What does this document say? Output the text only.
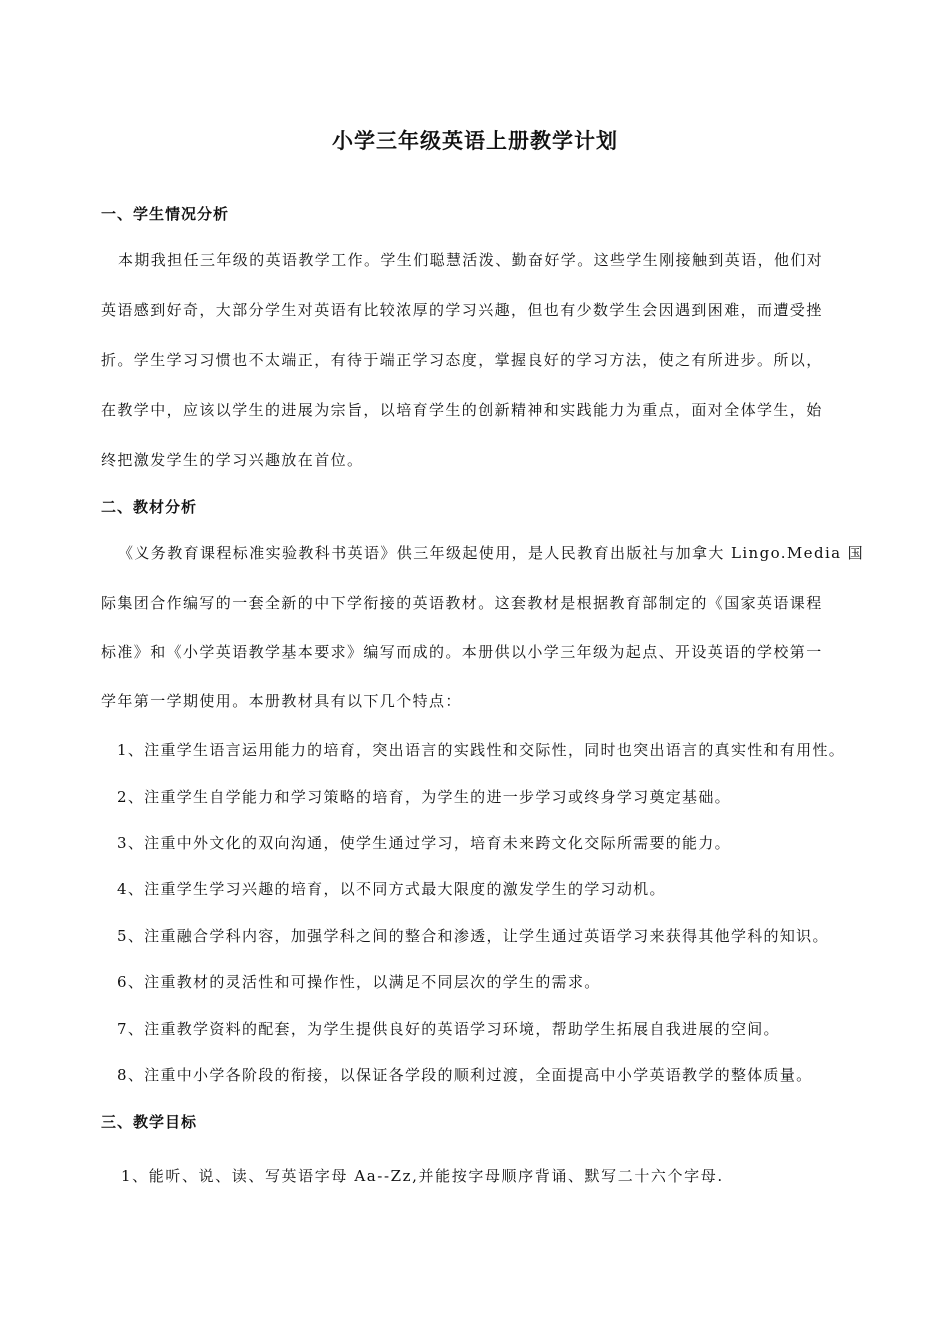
小学三年级英语上册教学计划
一、学生情况分析
本期我担任三年级的英语教学工作。学生们聪慧活泼、勤奋好学。这些学生刚接触到英语，他们对
英语感到好奇，大部分学生对英语有比较浓厚的学习兴趣，但也有少数学生会因遇到困难，而遭受挫
折。学生学习习惯也不太端正，有待于端正学习态度，掌握良好的学习方法，使之有所进步。所以，
在教学中，应该以学生的进展为宗旨，以培育学生的创新精神和实践能力为重点，面对全体学生，始
终把激发学生的学习兴趣放在首位。
二、教材分析
《义务教育课程标准实验教科书英语》供三年级起使用，是人民教育出版社与加拿大 Lingo.Media 国
际集团合作编写的一套全新的中下学衔接的英语教材。这套教材是根据教育部制定的《国家英语课程
标准》和《小学英语教学基本要求》编写而成的。本册供以小学三年级为起点、开设英语的学校第一
学年第一学期使用。本册教材具有以下几个特点：
1、注重学生语言运用能力的培育，突出语言的实践性和交际性，同时也突出语言的真实性和有用性。
2、注重学生自学能力和学习策略的培育，为学生的进一步学习或终身学习奠定基础。
3、注重中外文化的双向沟通，使学生通过学习，培育未来跨文化交际所需要的能力。
4、注重学生学习兴趣的培育，以不同方式最大限度的激发学生的学习动机。
5、注重融合学科内容，加强学科之间的整合和渗透，让学生通过英语学习来获得其他学科的知识。
6、注重教材的灵活性和可操作性，以满足不同层次的学生的需求。
7、注重教学资料的配套，为学生提供良好的英语学习环境，帮助学生拓展自我进展的空间。
8、注重中小学各阶段的衔接，以保证各学段的顺利过渡，全面提高中小学英语教学的整体质量。
三、教学目标
1、能听、说、读、写英语字母 Aa--Zz,并能按字母顺序背诵、默写二十六个字母.
